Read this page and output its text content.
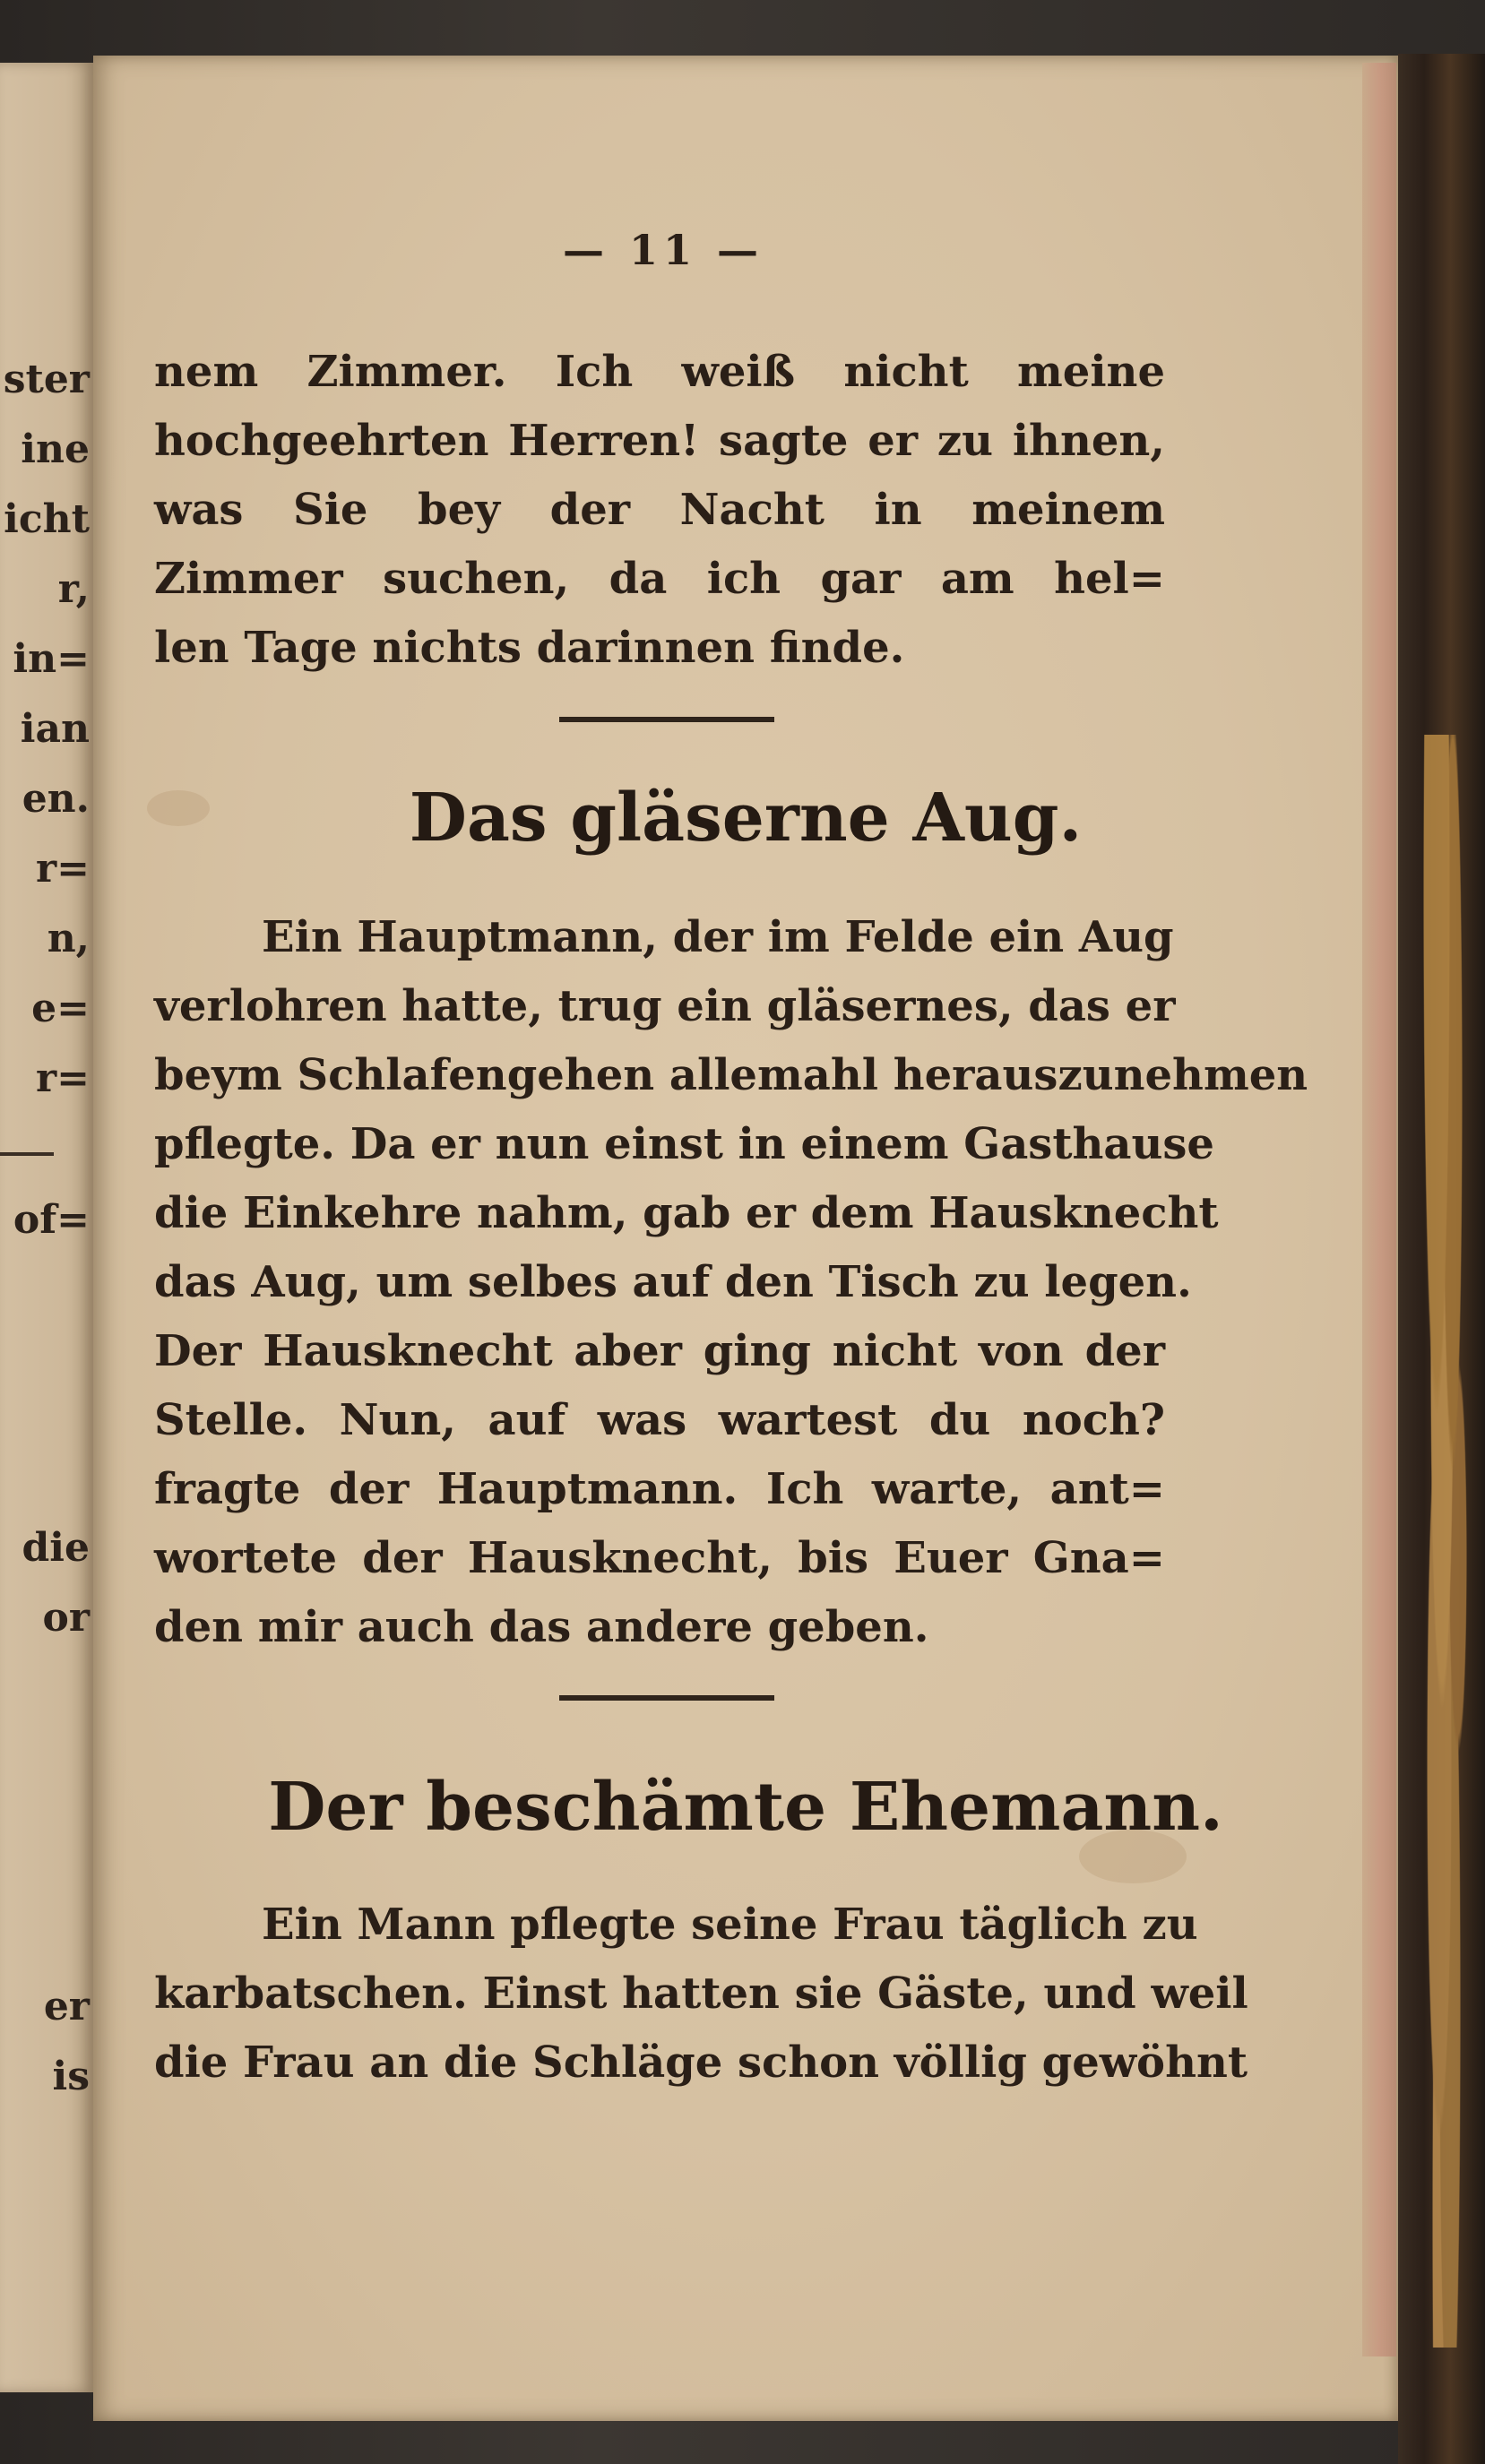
ster
ine
icht
r,
in=
ian
en.
r=
n,
e=
r=
of=
die
or
er
is
— 11 —
nem Zimmer. Ich weiß nicht meine
hochgeehrten Herren! sagte er zu ihnen,
was Sie bey der Nacht in meinem
Zimmer suchen, da ich gar am hel=
len Tage nichts darinnen finde.
Das gläserne Aug.
Ein Hauptmann, der im Felde ein Aug
verlohren hatte, trug ein gläsernes, das er
beym Schlafengehen allemahl herauszunehmen
pflegte. Da er nun einst in einem Gasthause
die Einkehre nahm, gab er dem Hausknecht
das Aug, um selbes auf den Tisch zu legen.
Der Hausknecht aber ging nicht von der
Stelle. Nun, auf was wartest du noch?
fragte der Hauptmann. Ich warte, ant=
wortete der Hausknecht, bis Euer Gna=
den mir auch das andere geben.
Der beschämte Ehemann.
Ein Mann pflegte seine Frau täglich zu
karbatschen. Einst hatten sie Gäste, und weil
die Frau an die Schläge schon völlig gewöhnt
